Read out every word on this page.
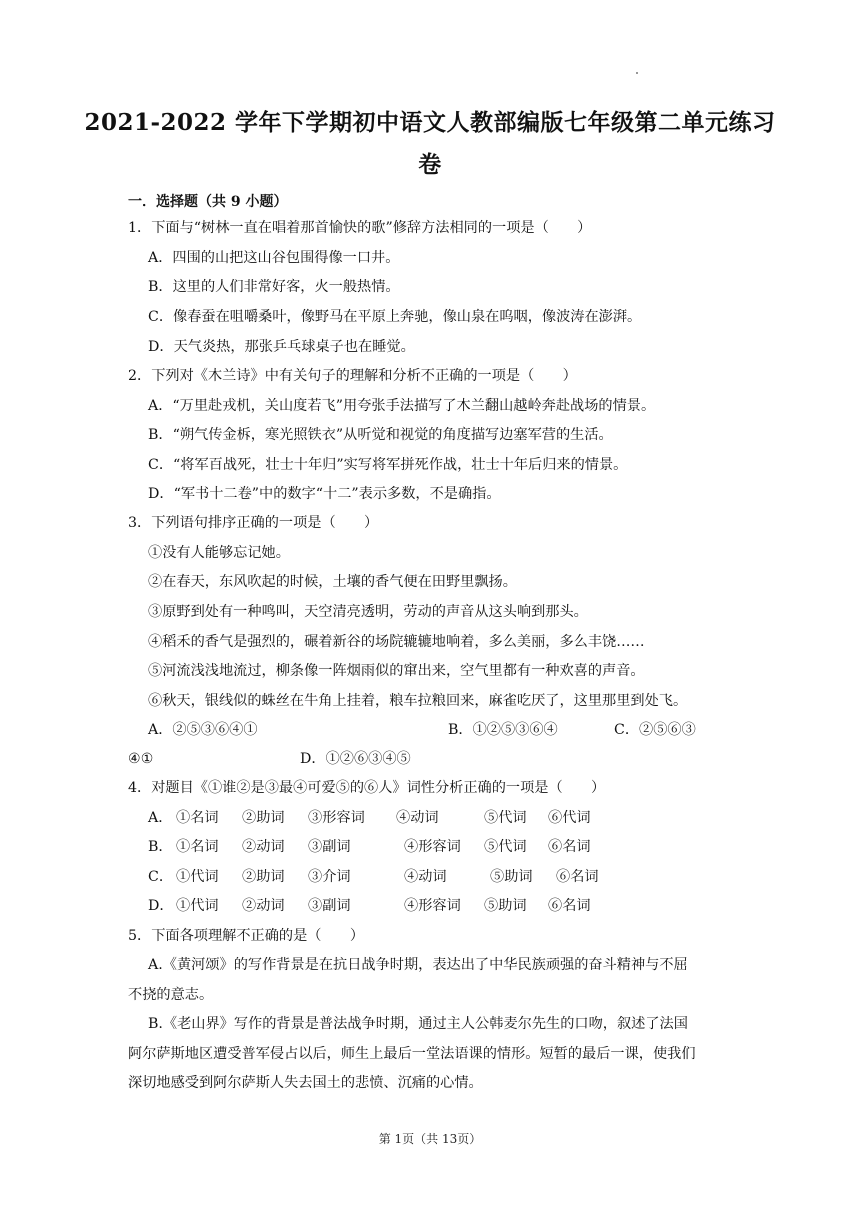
2021-2022 学年下学期初中语文人教部编版七年级第二单元练习
卷
一．选择题（共 9 小题）
1．下面与“树林一直在唱着那首愉快的歌”修辞方法相同的一项是（　　）
A．四围的山把这山谷包围得像一口井。
B．这里的人们非常好客，火一般热情。
C．像春蚕在咀嚼桑叶，像野马在平原上奔驰，像山泉在呜咽，像波涛在澎湃。
D．天气炎热，那张乒乓球桌子也在睡觉。
2．下列对《木兰诗》中有关句子的理解和分析不正确的一项是（　　）
A．“万里赴戎机，关山度若飞”用夸张手法描写了木兰翻山越岭奔赴战场的情景。
B．“朔气传金柝，寒光照铁衣”从听觉和视觉的角度描写边塞军营的生活。
C．“将军百战死，壮士十年归”实写将军拼死作战，壮士十年后归来的情景。
D．“军书十二卷”中的数字“十二”表示多数，不是确指。
3．下列语句排序正确的一项是（　　）
①没有人能够忘记她。
②在春天，东风吹起的时候，土壤的香气便在田野里飘扬。
③原野到处有一种鸣叫，天空清亮透明，劳动的声音从这头响到那头。
④稻禾的香气是强烈的，碾着新谷的场院辘辘地响着，多么美丽，多么丰饶……
⑤河流浅浅地流过，柳条像一阵烟雨似的窜出来，空气里都有一种欢喜的声音。
⑥秋天，银线似的蛛丝在牛角上挂着，粮车拉粮回来，麻雀吃厌了，这里那里到处飞。
A．②⑤③⑥④①	B．①②⑤③⑥④	C．②⑤⑥③
④①	D．①②⑥③④⑤
4．对题目《①谁②是③最④可爱⑤的⑥人》词性分析正确的一项是（　　）
A． ①名词 ②助词 ③形容词 ④动词	⑤代词 ⑥代词
B． ①名词 ②动词 ③副词	④形容词 ⑤代词 ⑥名词
C． ①代词 ②助词 ③介词	④动词	⑤助词 ⑥名词
D． ①代词 ②动词 ③副词	④形容词 ⑤助词 ⑥名词
5．下面各项理解不正确的是（　　）
A.《黄河颂》的写作背景是在抗日战争时期，表达出了中华民族顽强的奋斗精神与不屈
不挠的意志。
B.《老山界》写作的背景是普法战争时期，通过主人公韩麦尔先生的口吻，叙述了法国
阿尔萨斯地区遭受普军侵占以后，师生上最后一堂法语课的情形。短暂的最后一课，使我们
深切地感受到阿尔萨斯人失去国土的悲愤、沉痛的心情。
第 1页（共 13页）
